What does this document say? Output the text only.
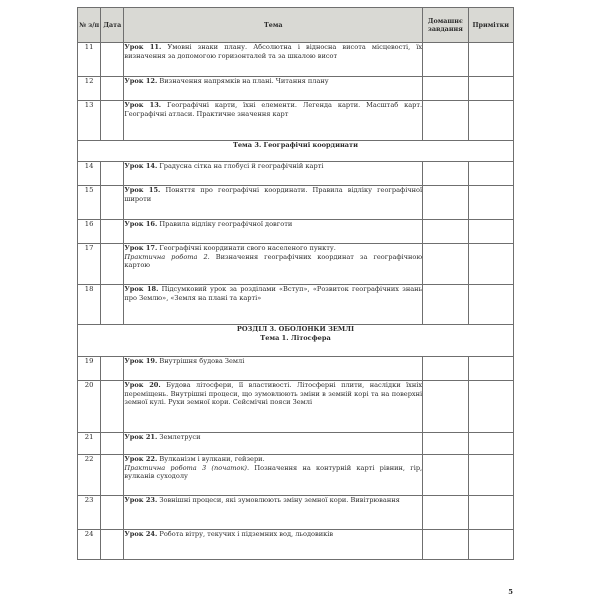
№ з/п	Дата	Тема	Домашнє завдання	Примітки
11		Урок 11. Умовні знаки плану. Абсолютна і відносна висота місцевості, їх визначення за допомогою горизонталей та за шкалою висот		
12		Урок 12. Визначення напрямків на плані. Читання плану		
13		Урок 13. Географічні карти, їхні елементи. Легенда карти. Масштаб карт. Географічні атласи. Практичне значення карт		

Тема 3. Географічні координати				

14		Урок 14. Градусна сітка на глобусі й географічній карті		
15		Урок 15. Поняття про географічні координати. Правила відліку географічної широти		
16		Урок 16. Правила відліку географічної довготи		
17		Урок 17. Географічні координати свого населеного пункту.
Практична робота 2. Визначення географічних координат за географічною картою		
18		Урок 18. Підсумковий урок за розділами «Вступ», «Розвиток географічних знань про Землю», «Земля на плані та карті»		

РОЗДІЛ 3. ОБОЛОНКИ ЗЕМЛІ
Тема 1. Літосфера				

19		Урок 19. Внутрішня будова Землі		
20		Урок 20. Будова літосфери, її властивості. Літосферні плити, наслідки їхніх переміщень. Внутрішні процеси, що зумовлюють зміни в земній корі та на поверхні земної кулі. Рухи земної кори. Сейсмічні пояси Землі		
21		Урок 21. Землетруси		
22		Урок 22. Вулканізм і вулкани, гейзери.
Практична робота 3 (початок). Позначення на контурній карті рівнин, гір, вулканів суходолу		
23		Урок 23. Зовнішні процеси, які зумовлюють зміну земної кори. Вивітрювання		
24		Урок 24. Робота вітру, текучих і підземних вод, льодовиків		
5
